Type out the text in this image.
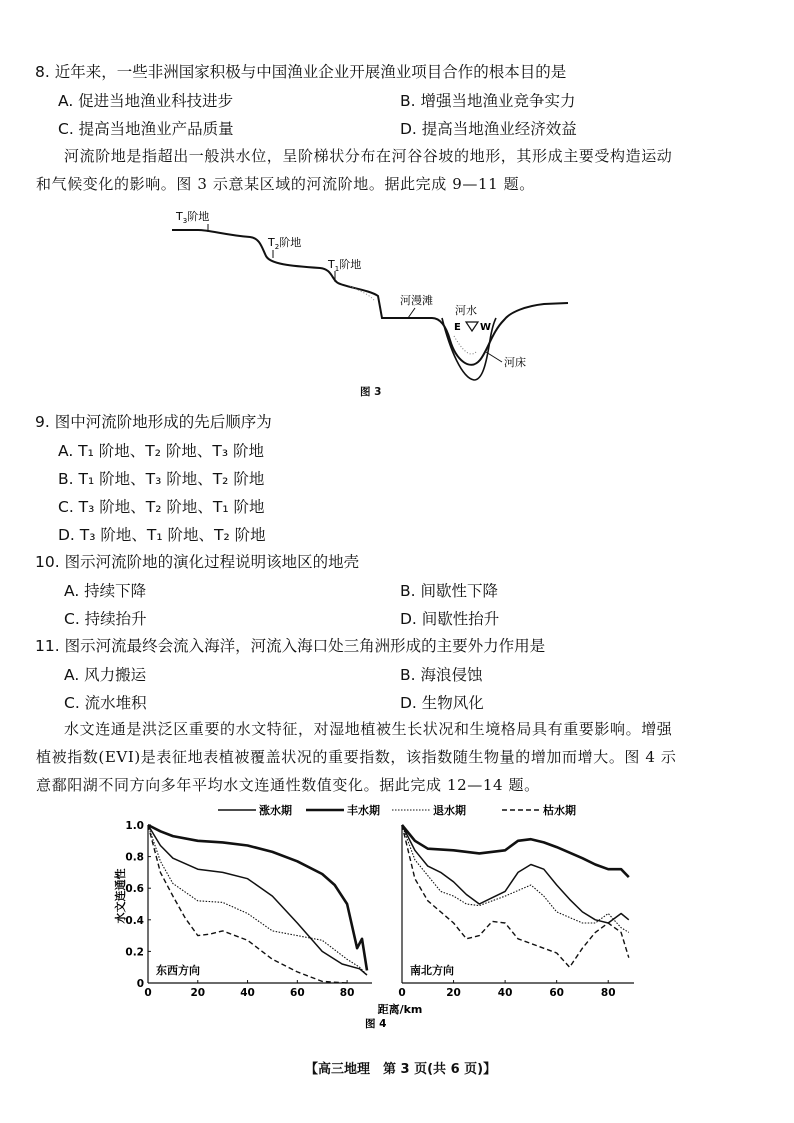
8. 近年来，一些非洲国家积极与中国渔业企业开展渔业项目合作的根本目的是
A. 促进当地渔业科技进步	B. 增强当地渔业竞争实力
C. 提高当地渔业产品质量	D. 提高当地渔业经济效益
河流阶地是指超出一般洪水位，呈阶梯状分布在河谷谷坡的地形，其形成主要受构造运动
和气候变化的影响。图 3 示意某区域的河流阶地。据此完成 9—11 题。
$T_3$阶地
$T_2$阶地
$T_1$阶地
河漫滩
河水
E W
河床
图 3
9. 图中河流阶地形成的先后顺序为
A. T₁ 阶地、T₂ 阶地、T₃ 阶地
B. T₁ 阶地、T₃ 阶地、T₂ 阶地
C. T₃ 阶地、T₂ 阶地、T₁ 阶地
D. T₃ 阶地、T₁ 阶地、T₂ 阶地
10. 图示河流阶地的演化过程说明该地区的地壳
A. 持续下降	B. 间歇性下降
C. 持续抬升	D. 间歇性抬升
11. 图示河流最终会流入海洋，河流入海口处三角洲形成的主要外力作用是
A. 风力搬运	B. 海浪侵蚀
C. 流水堆积	D. 生物风化
水文连通是洪泛区重要的水文特征，对湿地植被生长状况和生境格局具有重要影响。增强
植被指数(EVI)是表征地表植被覆盖状况的重要指数，该指数随生物量的增加而增大。图 4 示
意鄱阳湖不同方向多年平均水文连通性数值变化。据此完成 12—14 题。
涨水期	丰水期	退水期	枯水期
0	20	40	60	80
0
0.2
0.4
0.6
0.8
1.0
东西方向
0	20	40	60	80
南北方向
水文连通性
距离/km
图 4
【高三地理　第 3 页(共 6 页)】
